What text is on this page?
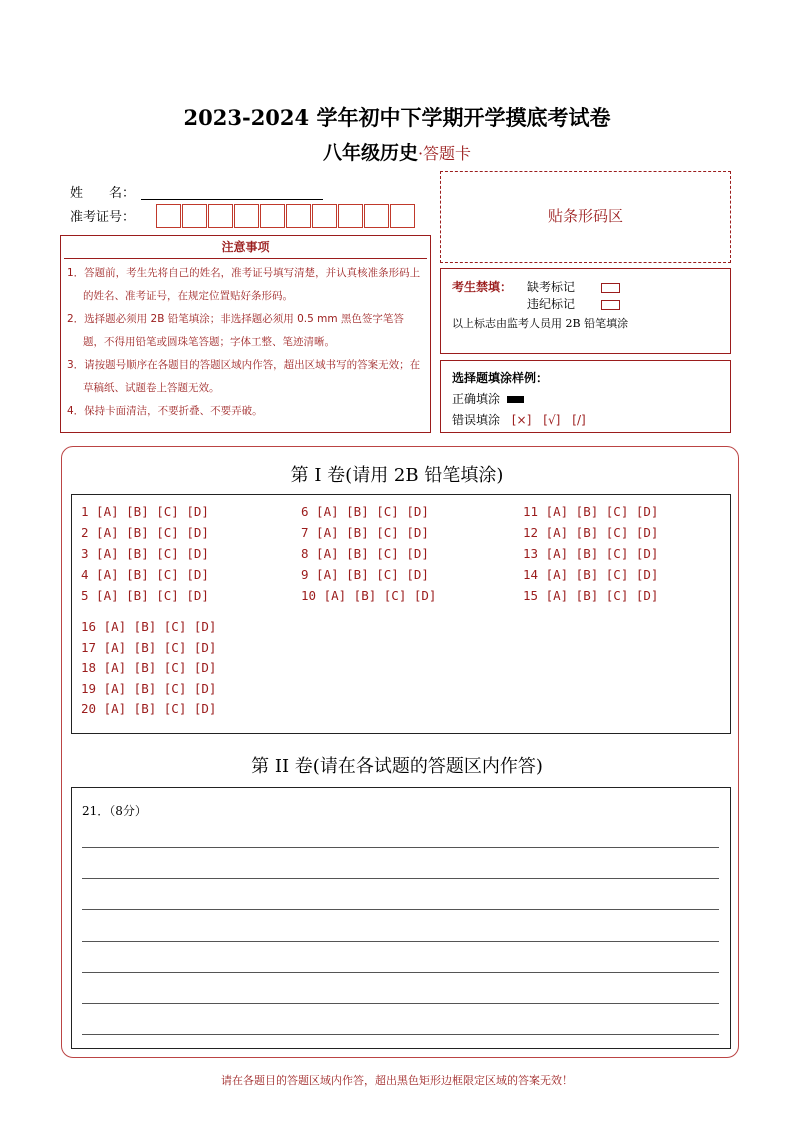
2023-2024 学年初中下学期开学摸底考试卷
八年级历史·答题卡
姓　　名：
准考证号：
注意事项
1．答题前，考生先将自己的姓名，准考证号填写清楚，并认真核准条形码上的姓名、准考证号，在规定位置贴好条形码。
2．选择题必须用 2B 铅笔填涂；非选择题必须用 0.5 mm 黑色签字笔答题，不得用铅笔或圆珠笔答题；字体工整、笔迹清晰。
3．请按题号顺序在各题目的答题区域内作答，超出区域书写的答案无效；在草稿纸、试题卷上答题无效。
4．保持卡面清洁，不要折叠、不要弄破。
贴条形码区
考生禁填： 缺考标记
违纪标记
以上标志由监考人员用 2B 铅笔填涂
选择题填涂样例：
正确填涂
错误填涂 [×]　[√]　[/]
第 I 卷(请用 2B 铅笔填涂)
1 [A] [B] [C] [D]
2 [A] [B] [C] [D]
3 [A] [B] [C] [D]
4 [A] [B] [C] [D]
5 [A] [B] [C] [D]
6 [A] [B] [C] [D]
7 [A] [B] [C] [D]
8 [A] [B] [C] [D]
9 [A] [B] [C] [D]
10 [A] [B] [C] [D]
11 [A] [B] [C] [D]
12 [A] [B] [C] [D]
13 [A] [B] [C] [D]
14 [A] [B] [C] [D]
15 [A] [B] [C] [D]
16 [A] [B] [C] [D]
17 [A] [B] [C] [D]
18 [A] [B] [C] [D]
19 [A] [B] [C] [D]
20 [A] [B] [C] [D]
第 II 卷(请在各试题的答题区内作答)
21．（8分）
请在各题目的答题区域内作答，超出黑色矩形边框限定区域的答案无效！
